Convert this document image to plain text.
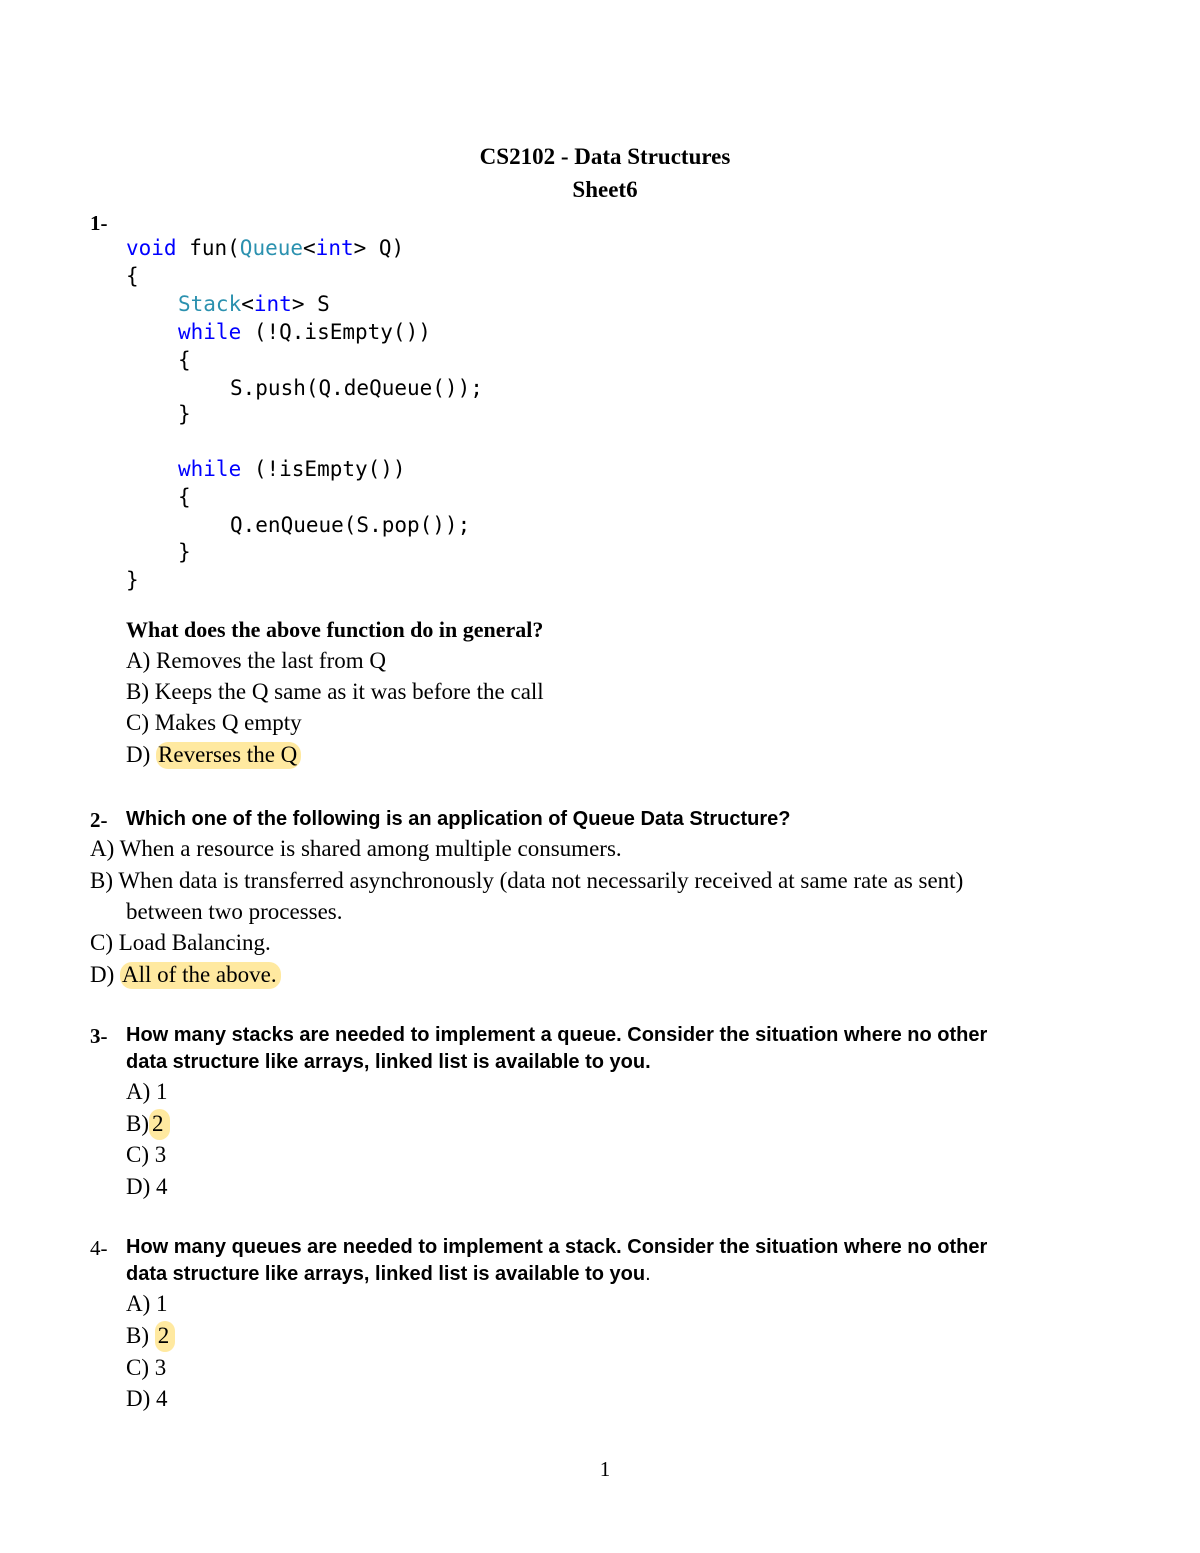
CS2102 - Data Structures
Sheet6
1-
void fun(Queue<int> Q)
{
Stack<int> S
while (!Q.isEmpty())
{
S.push(Q.deQueue());
}
while (!isEmpty())
{
Q.enQueue(S.pop());
}
}
What does the above function do in general?
A) Removes the last from Q
B) Keeps the Q same as it was before the call
C) Makes Q empty
D) Reverses the Q
2- Which one of the following is an application of Queue Data Structure?
A) When a resource is shared among multiple consumers.
B) When data is transferred asynchronously (data not necessarily received at same rate as sent)
between two processes.
C) Load Balancing.
D) All of the above.
3- How many stacks are needed to implement a queue. Consider the situation where no other
data structure like arrays, linked list is available to you.
A) 1
B) 2
C) 3
D) 4
4- How many queues are needed to implement a stack. Consider the situation where no other
data structure like arrays, linked list is available to you.
A) 1
B) 2
C) 3
D) 4
1
